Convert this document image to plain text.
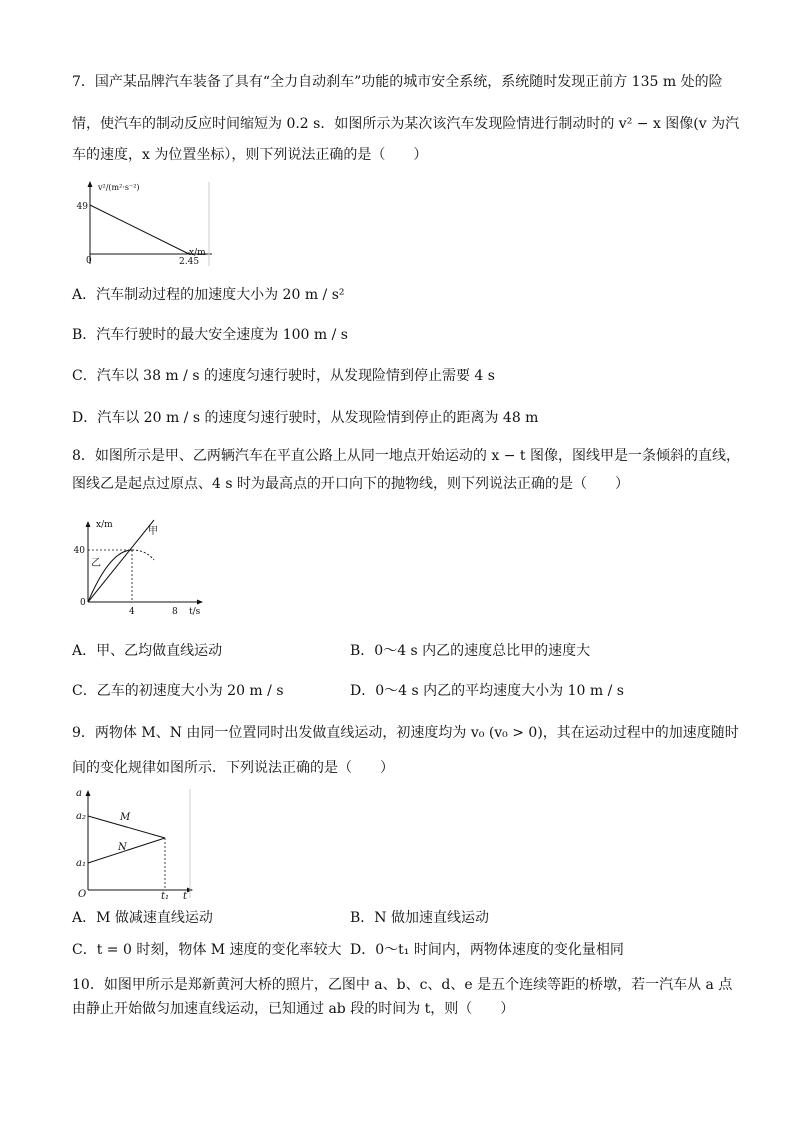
7．国产某品牌汽车装备了具有“全力自动刹车”功能的城市安全系统，系统随时发现正前方 135 m 处的险
情，使汽车的制动反应时间缩短为 0.2 s．如图所示为某次该汽车发现险情进行制动时的 v² − x 图像(v 为汽
车的速度，x 为位置坐标），则下列说法正确的是（　　）
v²/(m²·s⁻²)
49
0	2.45
x/m
A．汽车制动过程的加速度大小为 20 m / s²
B．汽车行驶时的最大安全速度为 100 m / s
C．汽车以 38 m / s 的速度匀速行驶时，从发现险情到停止需要 4 s
D．汽车以 20 m / s 的速度匀速行驶时，从发现险情到停止的距离为 48 m
8．如图所示是甲、乙两辆汽车在平直公路上从同一地点开始运动的 x − t 图像，图线甲是一条倾斜的直线，
图线乙是起点过原点、4 s 时为最高点的开口向下的抛物线，则下列说法正确的是（　　）
x/m
40
0
4	8 t/s
甲
乙
A．甲、乙均做直线运动	B．0～4 s 内乙的速度总比甲的速度大
C．乙车的初速度大小为 20 m / s	D．0～4 s 内乙的平均速度大小为 10 m / s
9．两物体 M、N 由同一位置同时出发做直线运动，初速度均为 v₀ (v₀ > 0)，其在运动过程中的加速度随时
间的变化规律如图所示．下列说法正确的是（　　）
a
a₂
a₁
O	t₁ t
M
N
A．M 做减速直线运动	B．N 做加速直线运动
C．t = 0 时刻，物体 M 速度的变化率较大 D．0～t₁ 时间内，两物体速度的变化量相同
10．如图甲所示是郑新黄河大桥的照片，乙图中 a、b、c、d、e 是五个连续等距的桥墩，若一汽车从 a 点
由静止开始做匀加速直线运动，已知通过 ab 段的时间为 t，则（　　）
